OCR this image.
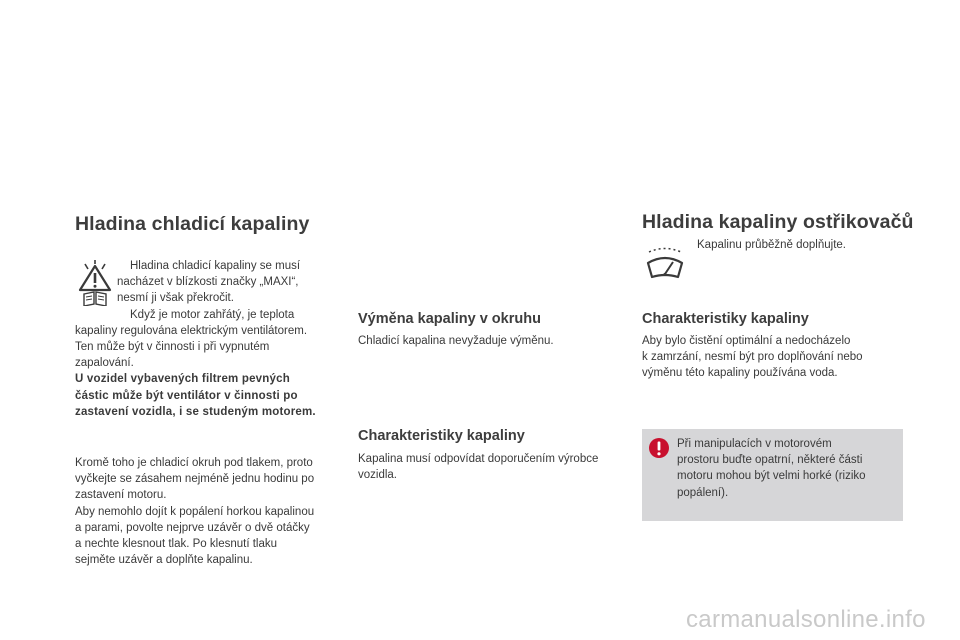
Hladina chladicí kapaliny
Hladina chladicí kapaliny se musí
nacházet v blízkosti značky „MAXI“,
nesmí ji však překročit.
Když je motor zahřátý, je teplota
kapaliny regulována elektrickým ventilátorem.
Ten může být v činnosti i při vypnutém
zapalování.
U vozidel vybavených filtrem pevných
částic může být ventilátor v činnosti po
zastavení vozidla, i se studeným motorem.
Kromě toho je chladicí okruh pod tlakem, proto
vyčkejte se zásahem nejméně jednu hodinu po
zastavení motoru.
Aby nemohlo dojít k popálení horkou kapalinou
a parami, povolte nejprve uzávěr o dvě otáčky
a nechte klesnout tlak. Po klesnutí tlaku
sejměte uzávěr a doplňte kapalinu.
Výměna kapaliny v okruhu
Chladicí kapalina nevyžaduje výměnu.
Charakteristiky kapaliny
Kapalina musí odpovídat doporučením výrobce
vozidla.
Hladina kapaliny ostřikovačů
Kapalinu průběžně doplňujte.
Charakteristiky kapaliny
Aby bylo čistění optimální a nedocházelo
k zamrzání, nesmí být pro doplňování nebo
výměnu této kapaliny používána voda.
Při manipulacích v motorovém
prostoru buďte opatrní, některé části
motoru mohou být velmi horké (riziko
popálení).
carmanualsonline.info
